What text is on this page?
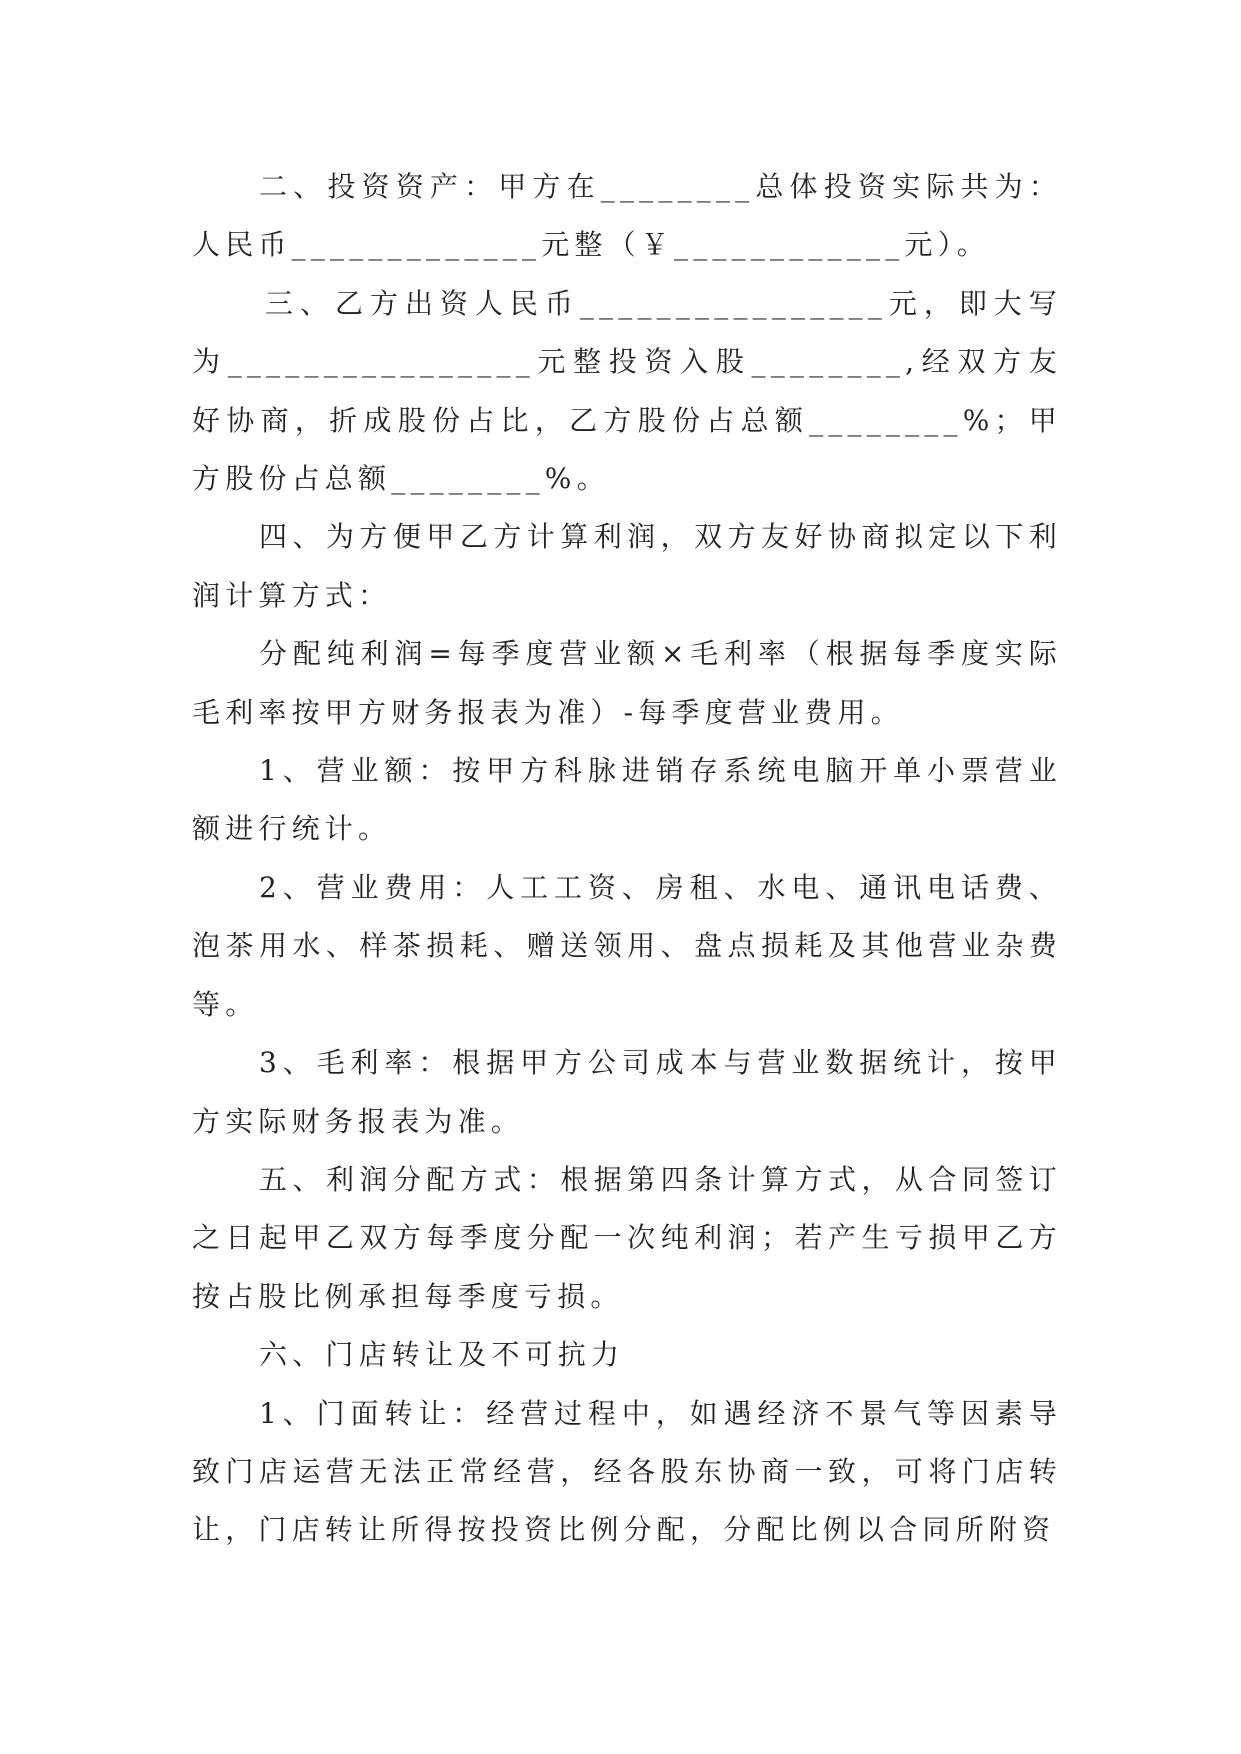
二、投资资产：甲方在________总体投资实际共为：人民币_____________元整（￥____________元）。

三、乙方出资人民币________________元，即大写为________________元整投资入股________,经双方友好协商，折成股份占比，乙方股份占总额________%；甲方股份占总额________%。

四、为方便甲乙方计算利润，双方友好协商拟定以下利润计算方式：

分配纯利润=每季度营业额×毛利率（根据每季度实际毛利率按甲方财务报表为准）-每季度营业费用。

1、营业额：按甲方科脉进销存系统电脑开单小票营业额进行统计。

2、营业费用：人工工资、房租、水电、通讯电话费、泡茶用水、样茶损耗、赠送领用、盘点损耗及其他营业杂费等。

3、毛利率：根据甲方公司成本与营业数据统计，按甲方实际财务报表为准。

五、利润分配方式：根据第四条计算方式，从合同签订之日起甲乙双方每季度分配一次纯利润；若产生亏损甲乙方按占股比例承担每季度亏损。

六、门店转让及不可抗力

1、门面转让：经营过程中，如遇经济不景气等因素导致门店运营无法正常经营，经各股东协商一致，可将门店转让，门店转让所得按投资比例分配，分配比例以合同所附资
